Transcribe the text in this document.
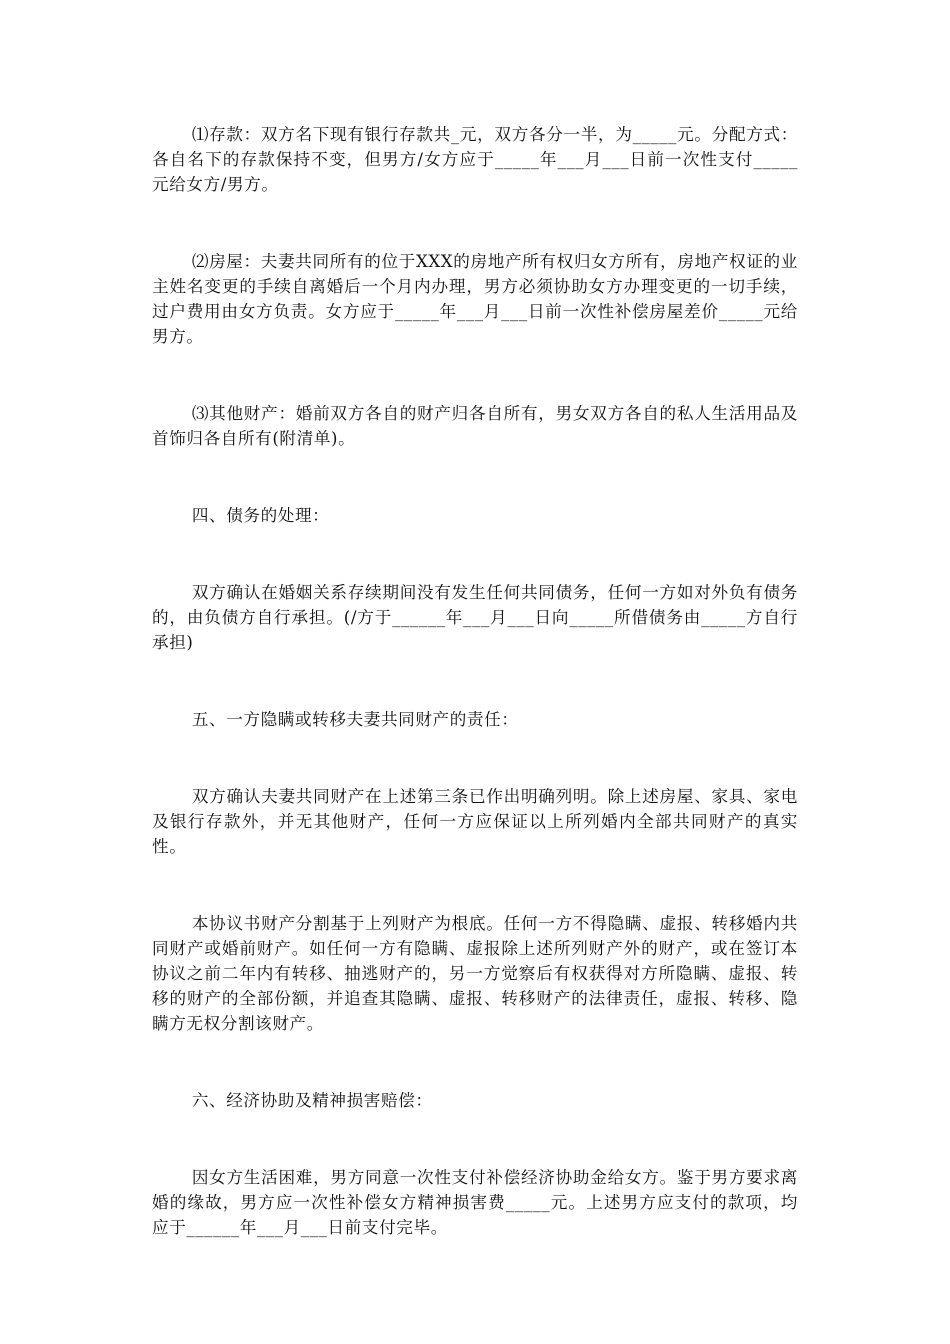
⑴存款：双方名下现有银行存款共_元，双方各分一半，为_____元。分配方式：各自名下的存款保持不变，但男方/女方应于_____年___月___日前一次性支付_____元给女方/男方。

⑵房屋：夫妻共同所有的位于XXX的房地产所有权归女方所有，房地产权证的业主姓名变更的手续自离婚后一个月内办理，男方必须协助女方办理变更的一切手续，过户费用由女方负责。女方应于_____年___月___日前一次性补偿房屋差价_____元给男方。

⑶其他财产：婚前双方各自的财产归各自所有，男女双方各自的私人生活用品及首饰归各自所有(附清单)。

四、债务的处理：

双方确认在婚姻关系存续期间没有发生任何共同债务，任何一方如对外负有债务的，由负债方自行承担。(/方于______年___月___日向_____所借债务由_____方自行承担)

五、一方隐瞒或转移夫妻共同财产的责任：

双方确认夫妻共同财产在上述第三条已作出明确列明。除上述房屋、家具、家电及银行存款外，并无其他财产，任何一方应保证以上所列婚内全部共同财产的真实性。

本协议书财产分割基于上列财产为根底。任何一方不得隐瞒、虚报、转移婚内共同财产或婚前财产。如任何一方有隐瞒、虚报除上述所列财产外的财产，或在签订本协议之前二年内有转移、抽逃财产的，另一方觉察后有权获得对方所隐瞒、虚报、转移的财产的全部份额，并追查其隐瞒、虚报、转移财产的法律责任，虚报、转移、隐瞒方无权分割该财产。

六、经济协助及精神损害赔偿：

因女方生活困难，男方同意一次性支付补偿经济协助金给女方。鉴于男方要求离婚的缘故，男方应一次性补偿女方精神损害费_____元。上述男方应支付的款项，均应于______年___月___日前支付完毕。
